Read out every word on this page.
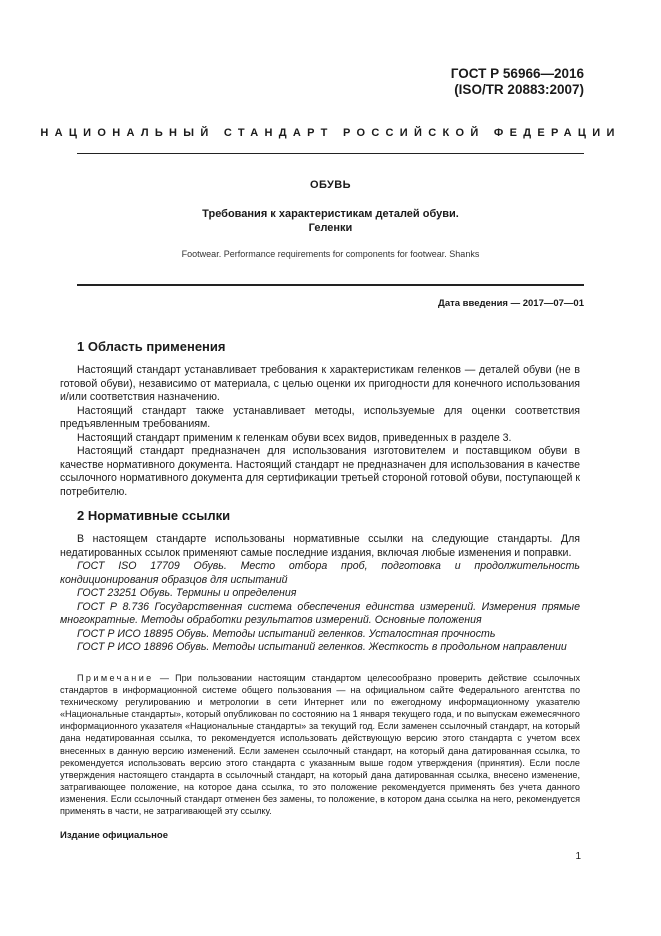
ГОСТ Р 56966—2016
(ISO/TR 20883:2007)
НАЦИОНАЛЬНЫЙ СТАНДАРТ РОССИЙСКОЙ ФЕДЕРАЦИИ
ОБУВЬ
Требования к характеристикам деталей обуви.
Геленки
Footwear. Performance requirements for components for footwear. Shanks
Дата введения — 2017—07—01
1 Область применения

Настоящий стандарт устанавливает требования к характеристикам геленков — деталей обуви (не в готовой обуви), независимо от материала, с целью оценки их пригодности для конечного использования и/или соответствия назначению.

Настоящий стандарт также устанавливает методы, используемые для оценки соответствия предъявленным требованиям.

Настоящий стандарт применим к геленкам обуви всех видов, приведенных в разделе 3.

Настоящий стандарт предназначен для использования изготовителем и поставщиком обуви в качестве нормативного документа. Настоящий стандарт не предназначен для использования в качестве ссылочного нормативного документа для сертификации третьей стороной готовой обуви, поступающей к потребителю.

2 Нормативные ссылки

В настоящем стандарте использованы нормативные ссылки на следующие стандарты. Для недатированных ссылок применяют самые последние издания, включая любые изменения и поправки.

ГОСТ ISO 17709 Обувь. Место отбора проб, подготовка и продолжительность кондиционирования образцов для испытаний

ГОСТ 23251 Обувь. Термины и определения

ГОСТ Р 8.736 Государственная система обеспечения единства измерений. Измерения прямые многократные. Методы обработки результатов измерений. Основные положения

ГОСТ Р ИСО 18895 Обувь. Методы испытаний геленков. Усталостная прочность

ГОСТ Р ИСО 18896 Обувь. Методы испытаний геленков. Жесткость в продольном направлении

Примечание — При пользовании настоящим стандартом целесообразно проверить действие ссылочных стандартов в информационной системе общего пользования — на официальном сайте Федерального агентства по техническому регулированию и метрологии в сети Интернет или по ежегодному информационному указателю «Национальные стандарты», который опубликован по состоянию на 1 января текущего года, и по выпускам ежемесячного информационного указателя «Национальные стандарты» за текущий год. Если заменен ссылочный стандарт, на который дана недатированная ссылка, то рекомендуется использовать действующую версию этого стандарта с учетом всех внесенных в данную версию изменений. Если заменен ссылочный стандарт, на который дана датированная ссылка, то рекомендуется использовать версию этого стандарта с указанным выше годом утверждения (принятия). Если после утверждения настоящего стандарта в ссылочный стандарт, на который дана датированная ссылка, внесено изменение, затрагивающее положение, на которое дана ссылка, то это положение рекомендуется применять без учета данного изменения. Если ссылочный стандарт отменен без замены, то положение, в котором дана ссылка на него, рекомендуется применять в части, не затрагивающей эту ссылку.

Издание официальное
1
